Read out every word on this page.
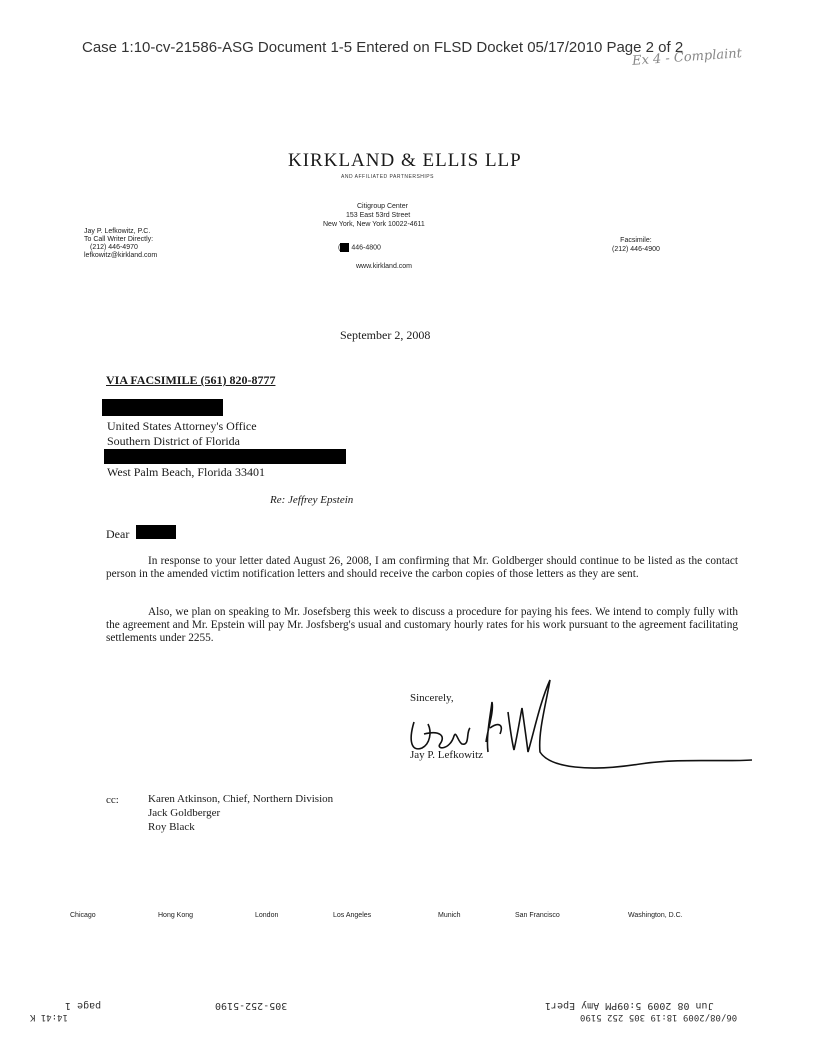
Case 1:10-cv-21586-ASG Document 1-5 Entered on FLSD Docket 05/17/2010 Page 2 of 2
Ex 4 - Complaint
KIRKLAND & ELLIS LLP
AND AFFILIATED PARTNERSHIPS
Citigroup Center
153 East 53rd Street
New York, New York 10022-4611
( 446-4800
www.kirkland.com
Jay P. Lefkowitz, P.C.
To Call Writer Directly:
(212) 446-4970
lefkowitz@kirkland.com
Facsimile:
(212) 446-4900
September 2, 2008
VIA FACSIMILE (561) 820-8777
United States Attorney's Office
Southern District of Florida
West Palm Beach, Florida 33401
Re: Jeffrey Epstein
Dear
In response to your letter dated August 26, 2008, I am confirming that Mr. Goldberger should continue to be listed as the contact person in the amended victim notification letters and should receive the carbon copies of those letters as they are sent.
Also, we plan on speaking to Mr. Josefsberg this week to discuss a procedure for paying his fees. We intend to comply fully with the agreement and Mr. Epstein will pay Mr. Josfsberg's usual and customary hourly rates for his work pursuant to the agreement facilitating settlements under 2255.
Sincerely,
Jay P. Lefkowitz
cc:	Karen Atkinson, Chief, Northern Division
Jack Goldberger
Roy Black
Chicago	Hong Kong	London	Los Angeles	Munich	San Francisco	Washington, D.C.
Jun 08 2009 5:09PM Amy Eper1
06/08/2009 18:19 305 252 5190
305-252-5190
page 1
14:41 K
